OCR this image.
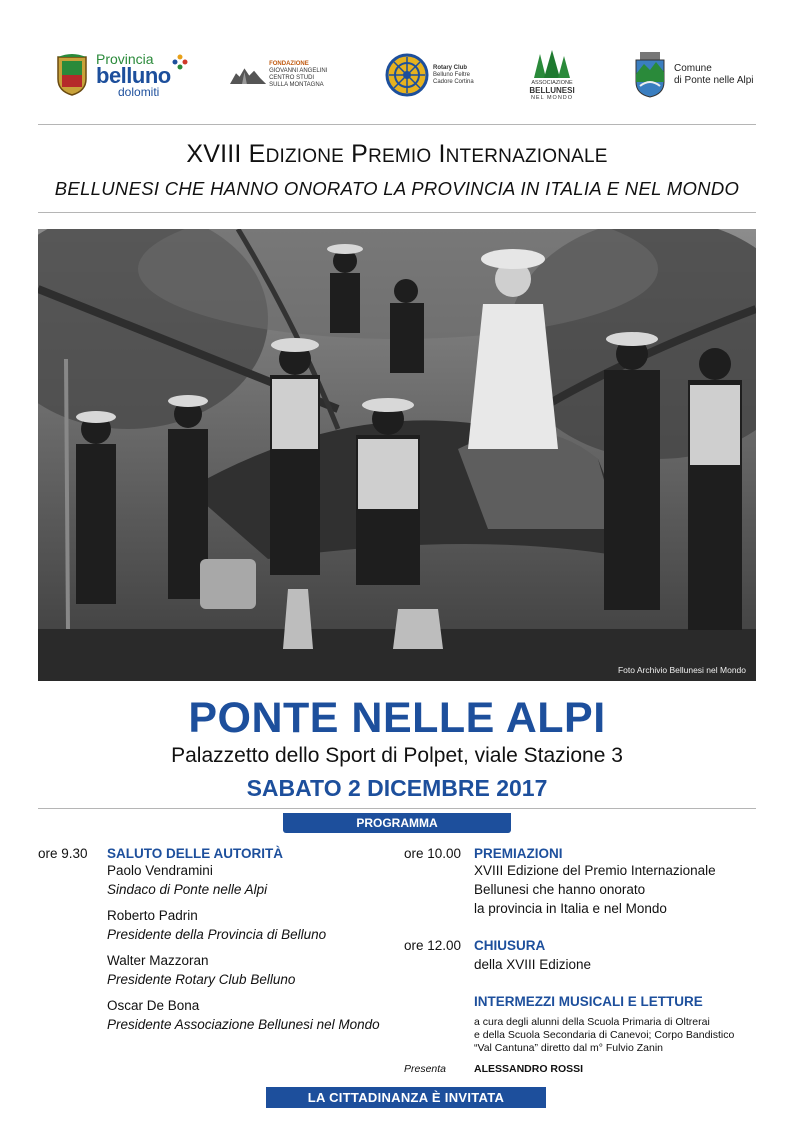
Provincia
belluno
dolomiti
FONDAZIONE
GIOVANNI ANGELINI
CENTRO STUDI SULLA MONTAGNA
Rotary Club
Belluno Feltre
Cadore Cortina	ASSOCIAZIONE
BELLUNESI
NEL MONDO
Comune
di Ponte nelle Alpi
XVIII EDIZIONE PREMIO INTERNAZIONALE
BELLUNESI CHE HANNO ONORATO LA PROVINCIA IN ITALIA E NEL MONDO
Foto Archivio Bellunesi nel Mondo
PONTE NELLE ALPI
Palazzetto dello Sport di Polpet, viale Stazione 3
SABATO 2 DICEMBRE 2017
PROGRAMMA
ore 9.30 SALUTO DELLE AUTORITÀ
Paolo Vendramini
Sindaco di Ponte nelle Alpi
Roberto Padrin
Presidente della Provincia di Belluno
Walter Mazzoran
Presidente Rotary Club Belluno
Oscar De Bona
Presidente Associazione Bellunesi nel Mondo
ore 10.00 PREMIAZIONI
XVIII Edizione del Premio Internazionale
Bellunesi che hanno onorato
la provincia in Italia e nel Mondo
ore 12.00 CHIUSURA
della XVIII Edizione
INTERMEZZI MUSICALI E LETTURE
a cura degli alunni della Scuola Primaria di Oltrerai
e della Scuola Secondaria di Canevoi; Corpo Bandistico
“Val Cantuna” diretto dal m° Fulvio Zanin
Presenta	ALESSANDRO ROSSI
LA CITTADINANZA È INVITATA
